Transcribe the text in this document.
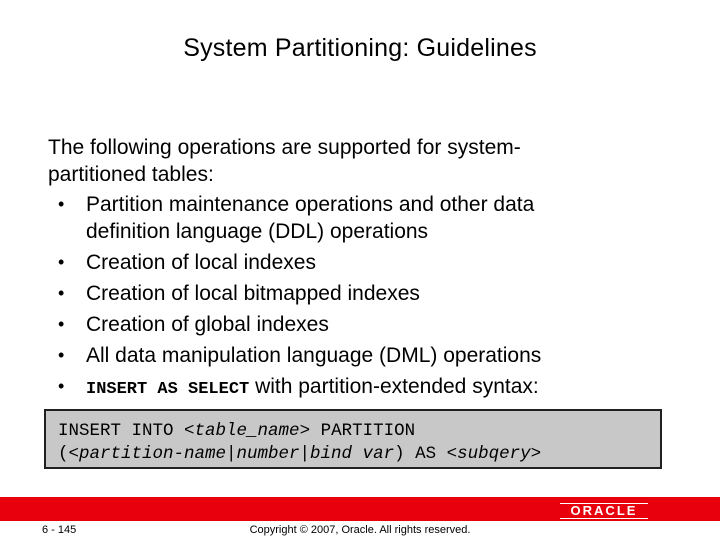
System Partitioning: Guidelines
The following operations are supported for system-
partitioned tables:
• Partition maintenance operations and other data
definition language (DDL) operations
• Creation of local indexes
• Creation of local bitmapped indexes
• Creation of global indexes
• All data manipulation language (DML) operations
• INSERT AS SELECT with partition-extended syntax:
INSERT INTO <table_name> PARTITION
(<partition-name|number|bind var) AS <subqery>
ORACLE
6 - 145	Copyright © 2007, Oracle. All rights reserved.
